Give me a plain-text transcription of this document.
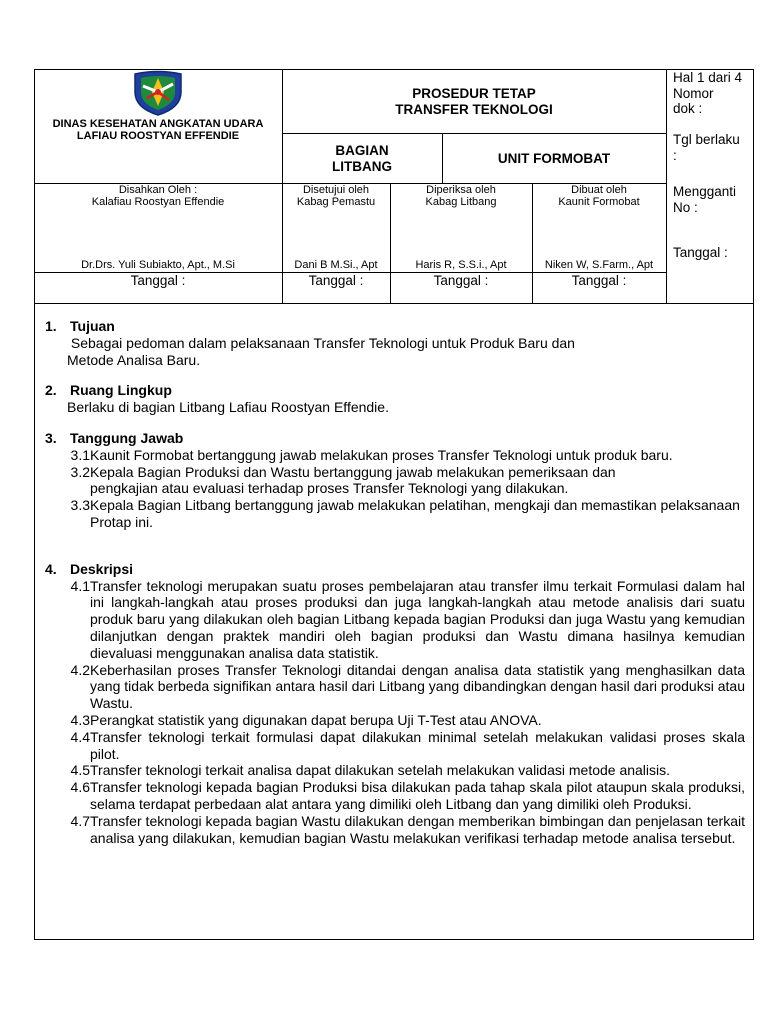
DINAS KESEHATAN ANGKATAN UDARA
LAFIAU ROOSTYAN EFFENDIE
PROSEDUR TETAP
TRANSFER TEKNOLOGI
BAGIAN
LITBANG
UNIT FORMOBAT
Hal 1 dari 4
Nomor
dok :
Tgl berlaku
:
Mengganti
No :
Tanggal :
Disahkan Oleh :
Kalafiau Roostyan Effendie
Dr.Drs. Yuli Subiakto, Apt., M.Si
Tanggal :
Disetujui oleh
Kabag Pemastu
Dani B M.Si., Apt
Tanggal :
Diperiksa oleh
Kabag Litbang
Haris R, S.S.i., Apt
Tanggal :
Dibuat oleh
Kaunit Formobat
Niken W, S.Farm., Apt
Tanggal :
1. Tujuan
Sebagai pedoman dalam pelaksanaan Transfer Teknologi untuk Produk Baru dan
Metode Analisa Baru.
2. Ruang Lingkup
Berlaku di bagian Litbang Lafiau Roostyan Effendie.
3. Tanggung Jawab
3.1 Kaunit Formobat bertanggung jawab melakukan proses Transfer Teknologi untuk produk baru.
3.2 Kepala Bagian Produksi dan Wastu bertanggung jawab melakukan pemeriksaan dan pengkajian atau evaluasi terhadap proses Transfer Teknologi yang dilakukan.
3.3 Kepala Bagian Litbang bertanggung jawab melakukan pelatihan, mengkaji dan memastikan pelaksanaan Protap ini.
4. Deskripsi
4.1 Transfer teknologi merupakan suatu proses pembelajaran atau transfer ilmu terkait Formulasi dalam hal ini langkah-langkah atau proses produksi dan juga langkah-langkah atau metode analisis dari suatu produk baru yang dilakukan oleh bagian Litbang kepada bagian Produksi dan juga Wastu yang kemudian dilanjutkan dengan praktek mandiri oleh bagian produksi dan Wastu dimana hasilnya kemudian dievaluasi menggunakan analisa data statistik.
4.2 Keberhasilan proses Transfer Teknologi ditandai dengan analisa data statistik yang menghasilkan data yang tidak berbeda signifikan antara hasil dari Litbang yang dibandingkan dengan hasil dari produksi atau Wastu.
4.3 Perangkat statistik yang digunakan dapat berupa Uji T-Test atau ANOVA.
4.4 Transfer teknologi terkait formulasi dapat dilakukan minimal setelah melakukan validasi proses skala pilot.
4.5 Transfer teknologi terkait analisa dapat dilakukan setelah melakukan validasi metode analisis.
4.6 Transfer teknologi kepada bagian Produksi bisa dilakukan pada tahap skala pilot ataupun skala produksi, selama terdapat perbedaan alat antara yang dimiliki oleh Litbang dan yang dimiliki oleh Produksi.
4.7 Transfer teknologi kepada bagian Wastu dilakukan dengan memberikan bimbingan dan penjelasan terkait analisa yang dilakukan, kemudian bagian Wastu melakukan verifikasi terhadap metode analisa tersebut.
